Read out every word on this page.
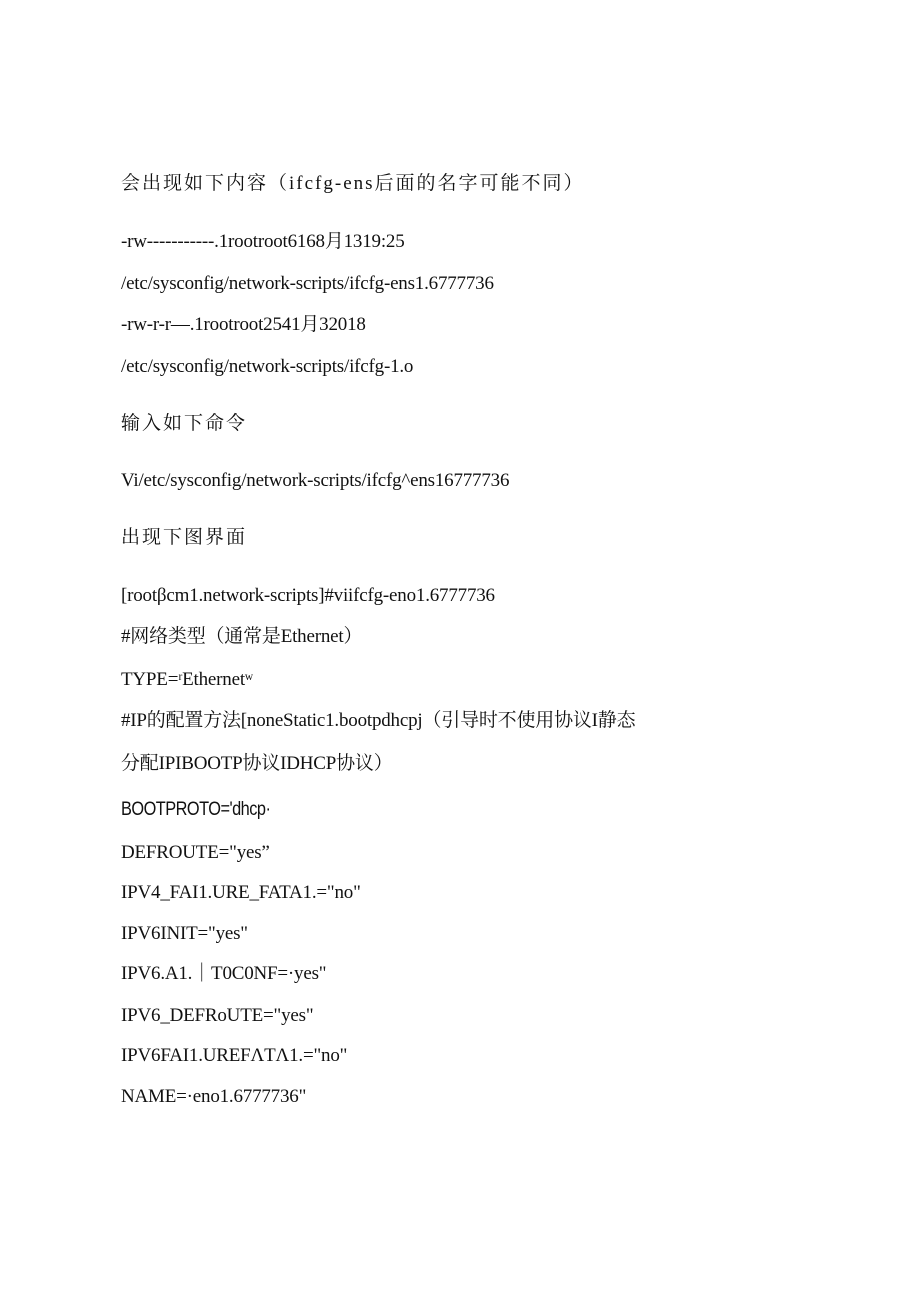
会出现如下内容（ifcfg-ens后面的名字可能不同）
-rw-----------.1rootroot6168月1319:25
/etc/sysconfig/network-scripts/ifcfg-ens1.6777736
-rw-r-r—.1rootroot2541月32018
/etc/sysconfig/network-scripts/ifcfg-1.o
输入如下命令
Vi/etc/sysconfig/network-scripts/ifcfg^ens16777736
出现下图界面
[rootβcm1.network-scripts]#viifcfg-eno1.6777736
#网络类型（通常是Ethernet）
TYPE=ʳEthernetʷ
#IP的配置方法[noneStatic1.bootpdhcpj（引导时不使用协议I静态
分配IPIBOOTP协议IDHCP协议）
BOOTPROTO='dhcp·
DEFROUTE="yes”
IPV4_FAI1.URE_FATA1.="no"
IPV6INIT="yes"
IPV6.A1.｜T0C0NF=·yes"
IPV6_DEFRoUTE="yes"
IPV6FAI1.UREFΛTΛ1.="no"
NAME=·eno1.6777736"
